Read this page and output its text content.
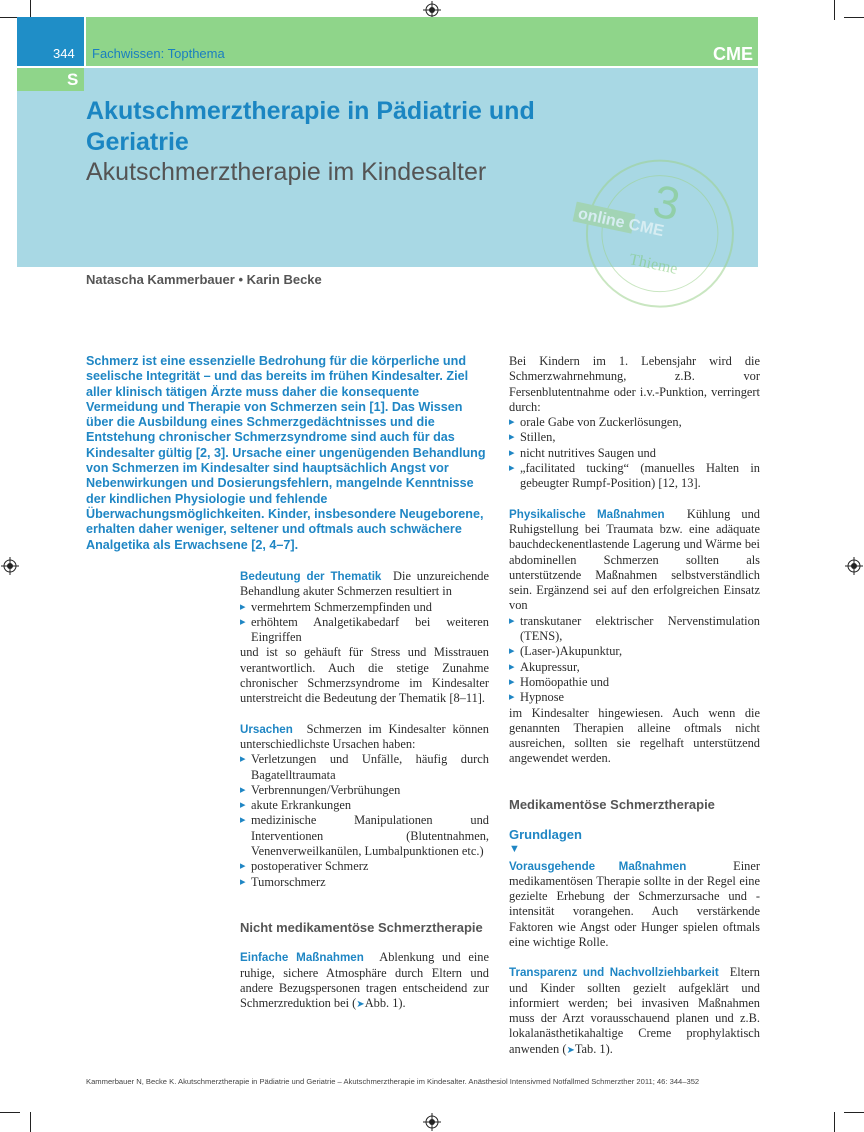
344 Fachwissen: Topthema	CME
S
Akutschmerztherapie in Pädiatrie und Geriatrie
Akutschmerztherapie im Kindesalter
3
online CME
Thieme
Natascha Kammerbauer • Karin Becke
Schmerz ist eine essenzielle Bedrohung für die körperliche und seelische Integrität – und das bereits im frühen Kindesalter. Ziel aller klinisch tätigen Ärzte muss daher die konsequente Vermeidung und Therapie von Schmerzen sein [1]. Das Wissen über die Ausbildung eines Schmerzgedächtnisses und die Entstehung chronischer Schmerzsyndrome sind auch für das Kindesalter gültig [2, 3]. Ursache einer ungenügenden Behandlung von Schmerzen im Kindesalter sind hauptsächlich Angst vor Nebenwirkungen und Dosierungsfehlern, mangelnde Kenntnisse der kindlichen Physiologie und fehlende Überwachungsmöglichkeiten. Kinder, insbesondere Neugeborene, erhalten daher weniger, seltener und oftmals auch schwächere Analgetika als Erwachsene [2, 4–7].

Bedeutung der Thematik Die unzureichende Behandlung akuter Schmerzen resultiert in

▸ vermehrtem Schmerzempfinden und
▸ erhöhtem Analgetikabedarf bei weiteren Eingriffen

und ist so gehäuft für Stress und Misstrauen verantwortlich. Auch die stetige Zunahme chronischer Schmerzsyndrome im Kindesalter unterstreicht die Bedeutung der Thematik [8–11].

Ursachen Schmerzen im Kindesalter können unterschiedlichste Ursachen haben:

▸ Verletzungen und Unfälle, häufig durch Bagatelltraumata
▸ Verbrennungen/Verbrühungen
▸ akute Erkrankungen
▸ medizinische Manipulationen und Interventionen (Blutentnahmen, Venenverweilkanülen, Lumbalpunktionen etc.)
▸ postoperativer Schmerz
▸ Tumorschmerz
Nicht medikamentöse Schmerztherapie

Einfache Maßnahmen Ablenkung und eine ruhige, sichere Atmosphäre durch Eltern und andere Bezugspersonen tragen entscheidend zur Schmerzreduktion bei (➤Abb. 1).

Bei Kindern im 1. Lebensjahr wird die Schmerzwahrnehmung, z.B. vor Fersenblutentnahme oder i.v.-Punktion, verringert durch:

▸ orale Gabe von Zuckerlösungen,
▸ Stillen,
▸ nicht nutritives Saugen und
▸ „facilitated tucking“ (manuelles Halten in gebeugter Rumpf-Position) [12, 13].

Physikalische Maßnahmen Kühlung und Ruhigstellung bei Traumata bzw. eine adäquate bauchdeckenentlastende Lagerung und Wärme bei abdominellen Schmerzen sollten als unterstützende Maßnahmen selbstverständlich sein. Ergänzend sei auf den erfolgreichen Einsatz von

▸ transkutaner elektrischer Nervenstimulation (TENS),
▸ (Laser-)Akupunktur,
▸ Akupressur,
▸ Homöopathie und
▸ Hypnose

im Kindesalter hingewiesen. Auch wenn die genannten Therapien alleine oftmals nicht ausreichen, sollten sie regelhaft unterstützend angewendet werden.

Medikamentöse Schmerztherapie
Grundlagen
▼

Vorausgehende Maßnahmen	Einer medikamentösen Therapie sollte in der Regel eine gezielte Erhebung der Schmerzursache und -intensität vorangehen. Auch verstärkende Faktoren wie Angst oder Hunger spielen oftmals eine wichtige Rolle.

Transparenz und Nachvollziehbarkeit Eltern und Kinder sollten gezielt aufgeklärt und informiert werden; bei invasiven Maßnahmen muss der Arzt vorausschauend planen und z.B. lokalanästhetikahaltige Creme prophylaktisch anwenden (➤Tab. 1).

Kammerbauer N, Becke K. Akutschmerztherapie in Pädiatrie und Geriatrie – Akutschmerztherapie im Kindesalter. Anästhesiol Intensivmed Notfallmed Schmerzther 2011; 46: 344–352
